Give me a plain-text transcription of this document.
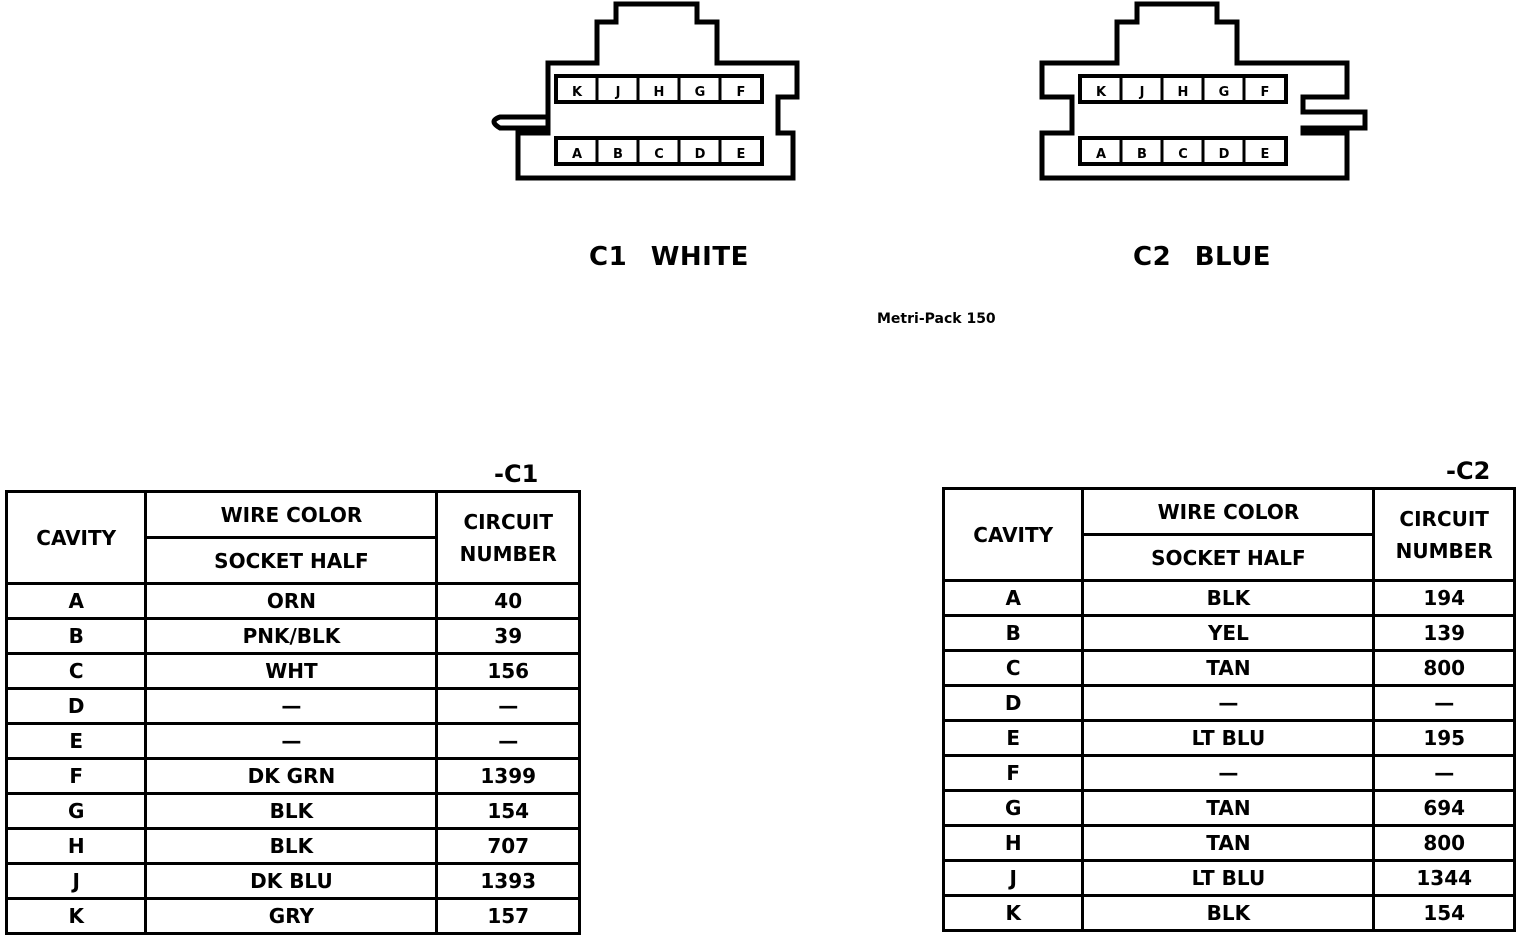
K	J	H G F
A B C D E
K	J	H G F
A B C D E
C1 WHITE	C2 BLUE
Metri-Pack 150
-C1	-C2
CAVITY	WIRE COLOR	CIRCUIT
NUMBER

	SOCKET HALF	
A	ORN	40
B	PNK/BLK	39
C	WHT	156
D	—	—
E	—	—
F	DK GRN	1399
G	BLK	154
H	BLK	707
J	DK BLU	1393
K	GRY	157
CAVITY	WIRE COLOR	CIRCUIT
NUMBER

	SOCKET HALF	
A	BLK	194
B	YEL	139
C	TAN	800
D	—	—
E	LT BLU	195
F	—	—
G	TAN	694
H	TAN	800
J	LT BLU	1344
K	BLK	154
